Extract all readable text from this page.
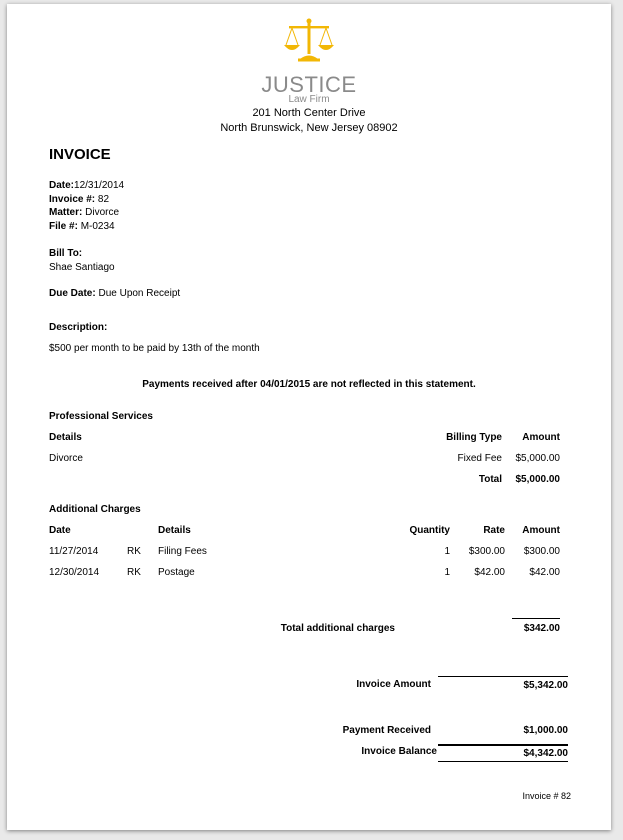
JUSTICE
Law Firm
201 North Center Drive
North Brunswick, New Jersey 08902
INVOICE
Date:12/31/2014
Invoice #: 82
Matter: Divorce
File #: M-0234
Bill To:
Shae Santiago
Due Date: Due Upon Receipt
Description:
$500 per month to be paid by 13th of the month
Payments received after 04/01/2015 are not reflected in this statement.
Professional Services
Details	Billing Type	Amount
Divorce	Fixed Fee	$5,000.00
Total	$5,000.00
Additional Charges
Date	Details	Quantity	Rate	Amount
11/27/2014	RK Filing Fees	1	$300.00	$300.00
12/30/2014	RK Postage	1	$42.00	$42.00
Total additional charges	$342.00
Invoice Amount	$5,342.00
Payment Received	$1,000.00
Invoice Balance	$4,342.00
Invoice # 82
